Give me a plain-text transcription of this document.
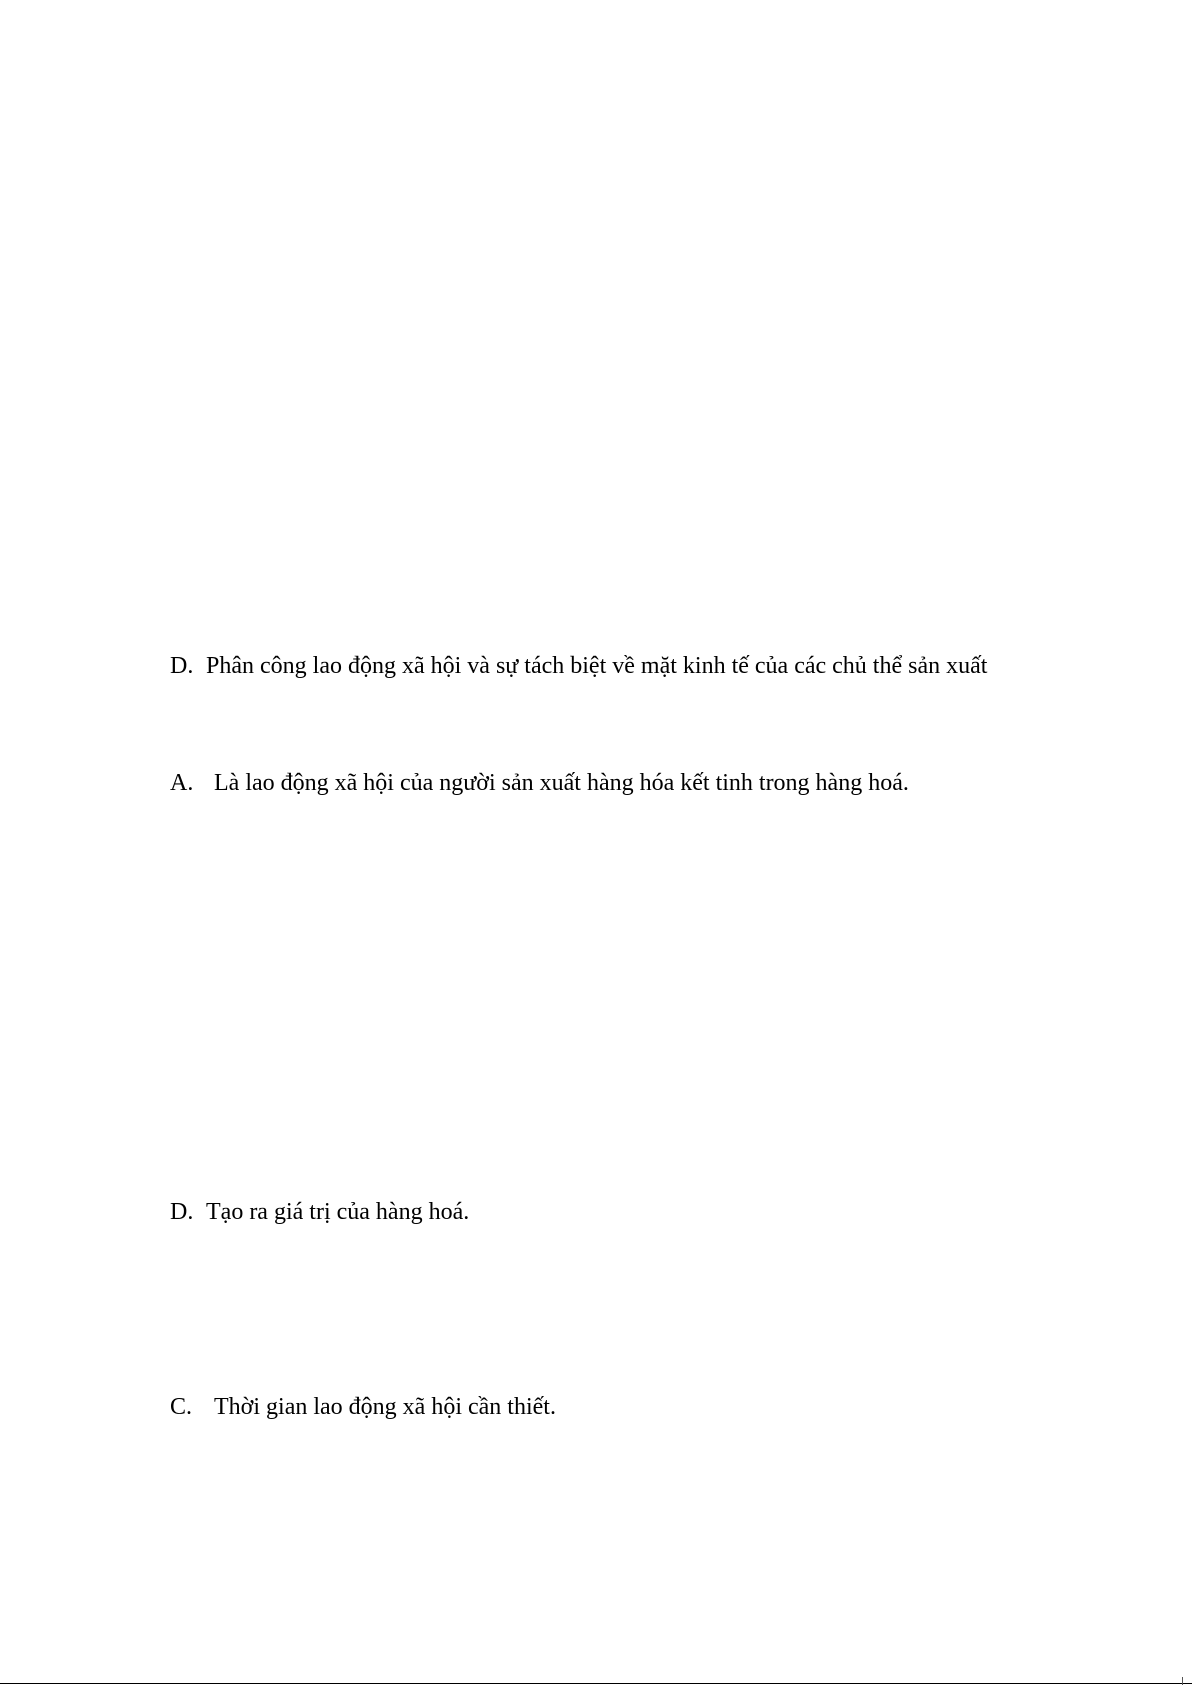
D. Phân công lao động xã hội và sự tách biệt về mặt kinh tế của các chủ thể sản xuất
A. Là lao động xã hội của người sản xuất hàng hóa kết tinh trong hàng hoá.
D. Tạo ra giá trị của hàng hoá.
C. Thời gian lao động xã hội cần thiết.
